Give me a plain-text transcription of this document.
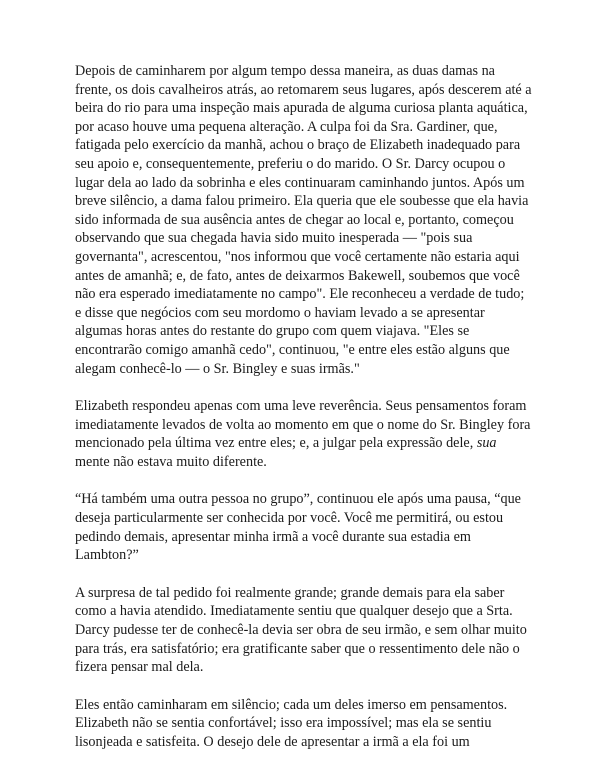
Depois de caminharem por algum tempo dessa maneira, as duas damas na frente, os dois cavalheiros atrás, ao retomarem seus lugares, após descerem até a beira do rio para uma inspeção mais apurada de alguma curiosa planta aquática, por acaso houve uma pequena alteração. A culpa foi da Sra. Gardiner, que, fatigada pelo exercício da manhã, achou o braço de Elizabeth inadequado para seu apoio e, consequentemente, preferiu o do marido. O Sr. Darcy ocupou o lugar dela ao lado da sobrinha e eles continuaram caminhando juntos. Após um breve silêncio, a dama falou primeiro. Ela queria que ele soubesse que ela havia sido informada de sua ausência antes de chegar ao local e, portanto, começou observando que sua chegada havia sido muito inesperada — "pois sua governanta", acrescentou, "nos informou que você certamente não estaria aqui antes de amanhã; e, de fato, antes de deixarmos Bakewell, soubemos que você não era esperado imediatamente no campo". Ele reconheceu a verdade de tudo; e disse que negócios com seu mordomo o haviam levado a se apresentar algumas horas antes do restante do grupo com quem viajava. "Eles se encontrarão comigo amanhã cedo", continuou, "e entre eles estão alguns que alegam conhecê-lo — o Sr. Bingley e suas irmãs."

Elizabeth respondeu apenas com uma leve reverência. Seus pensamentos foram imediatamente levados de volta ao momento em que o nome do Sr. Bingley fora mencionado pela última vez entre eles; e, a julgar pela expressão dele, sua mente não estava muito diferente.

“Há também uma outra pessoa no grupo”, continuou ele após uma pausa, “que deseja particularmente ser conhecida por você. Você me permitirá, ou estou pedindo demais, apresentar minha irmã a você durante sua estadia em Lambton?”

A surpresa de tal pedido foi realmente grande; grande demais para ela saber como a havia atendido. Imediatamente sentiu que qualquer desejo que a Srta. Darcy pudesse ter de conhecê-la devia ser obra de seu irmão, e sem olhar muito para trás, era satisfatório; era gratificante saber que o ressentimento dele não o fizera pensar mal dela.

Eles então caminharam em silêncio; cada um deles imerso em pensamentos. Elizabeth não se sentia confortável; isso era impossível; mas ela se sentiu lisonjeada e satisfeita. O desejo dele de apresentar a irmã a ela foi um
